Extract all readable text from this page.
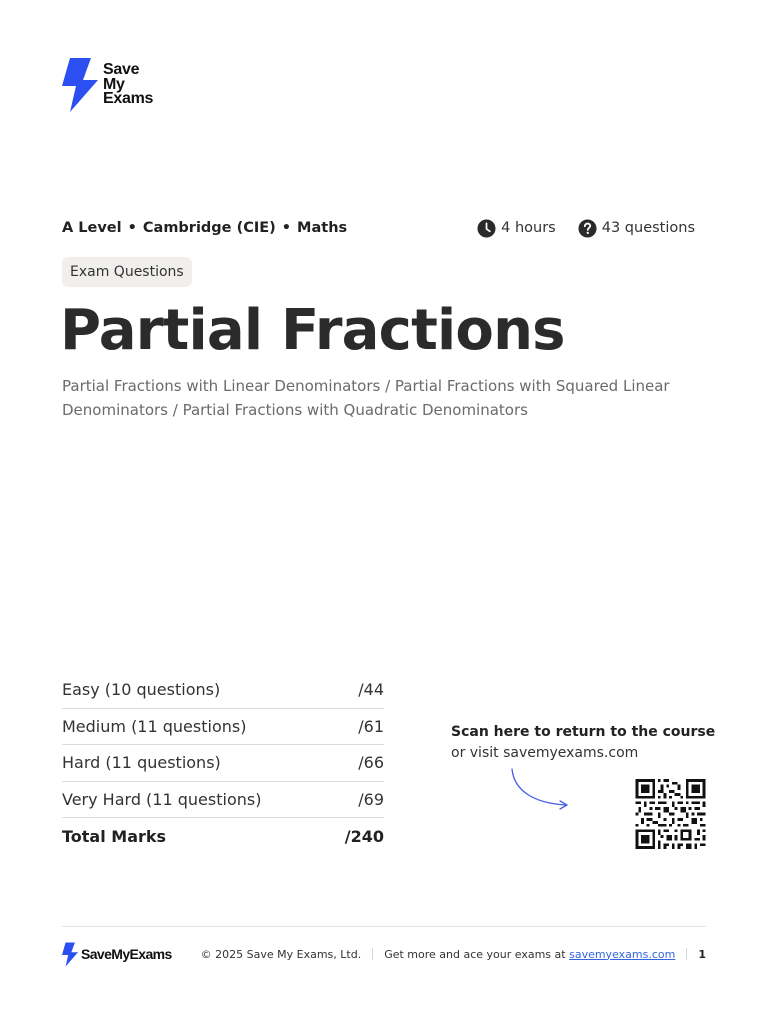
Save
My
Exams
A Level • Cambridge (CIE) • Maths	4 hours	43 questions
Exam Questions
Partial Fractions

Partial Fractions with Linear Denominators / Partial Fractions with Squared Linear Denominators / Partial Fractions with Quadratic Denominators

Easy (10 questions)	/44
Medium (11 questions)	/61
Hard (11 questions)	/66
Very Hard (11 questions)	/69
Total Marks	/240
Scan here to return to the course
or visit savemyexams.com
SaveMyExams	© 2025 Save My Exams, Ltd. Get more and ace your exams at savemyexams.com 1
